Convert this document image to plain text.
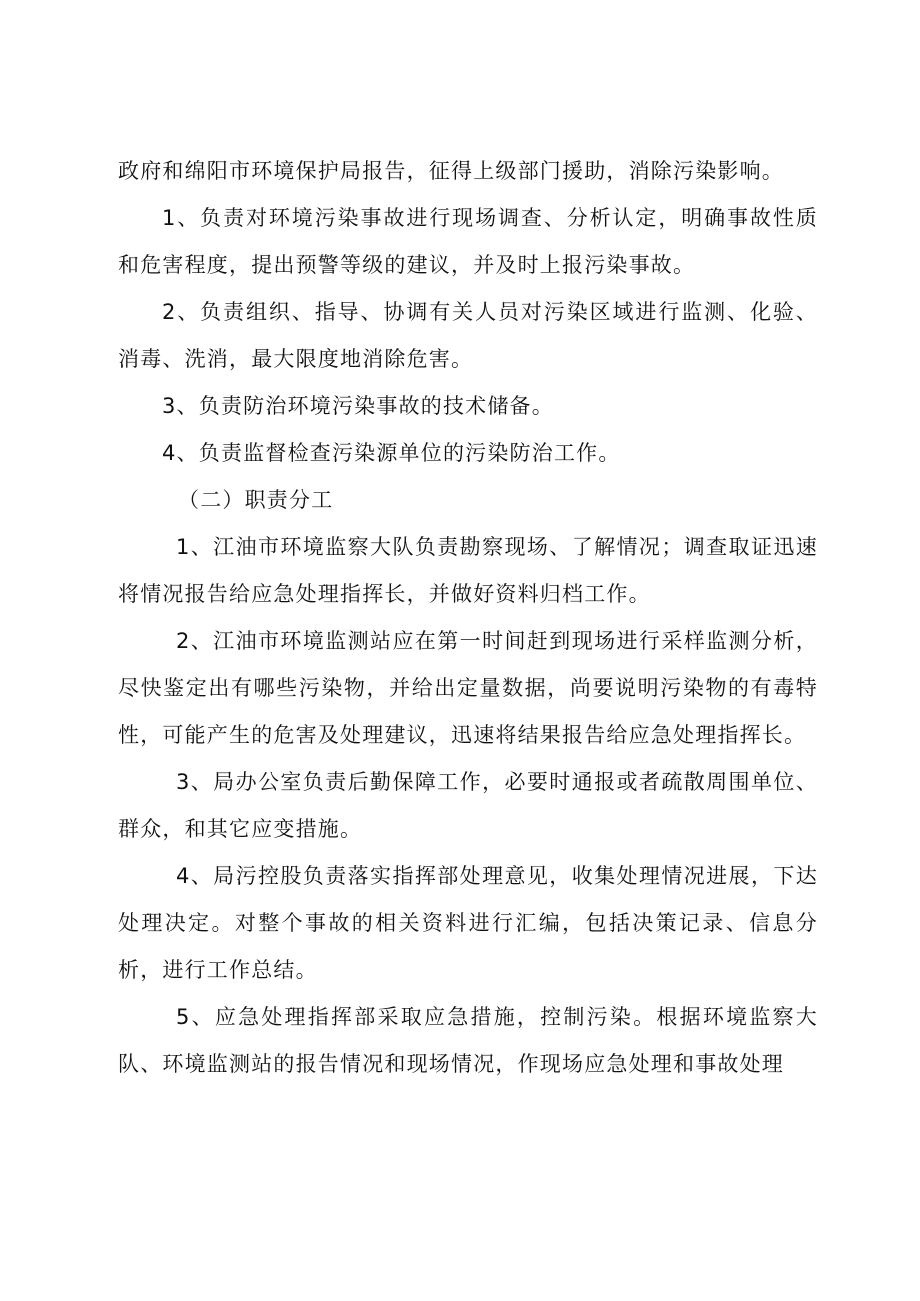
政府和绵阳市环境保护局报告，征得上级部门援助，消除污染影响。

1、负责对环境污染事故进行现场调查、分析认定，明确事故性质和危害程度，提出预警等级的建议，并及时上报污染事故。

2、负责组织、指导、协调有关人员对污染区域进行监测、化验、消毒、洗消，最大限度地消除危害。

3、负责防治环境污染事故的技术储备。

4、负责监督检查污染源单位的污染防治工作。

（二）职责分工

1、江油市环境监察大队负责勘察现场、了解情况；调查取证迅速将情况报告给应急处理指挥长，并做好资料归档工作。

2、江油市环境监测站应在第一时间赶到现场进行采样监测分析，尽快鉴定出有哪些污染物，并给出定量数据，尚要说明污染物的有毒特性，可能产生的危害及处理建议，迅速将结果报告给应急处理指挥长。

3、局办公室负责后勤保障工作，必要时通报或者疏散周围单位、群众，和其它应变措施。

4、局污控股负责落实指挥部处理意见，收集处理情况进展，下达处理决定。对整个事故的相关资料进行汇编，包括决策记录、信息分析，进行工作总结。

5、应急处理指挥部采取应急措施，控制污染。根据环境监察大队、环境监测站的报告情况和现场情况，作现场应急处理和事故处理
